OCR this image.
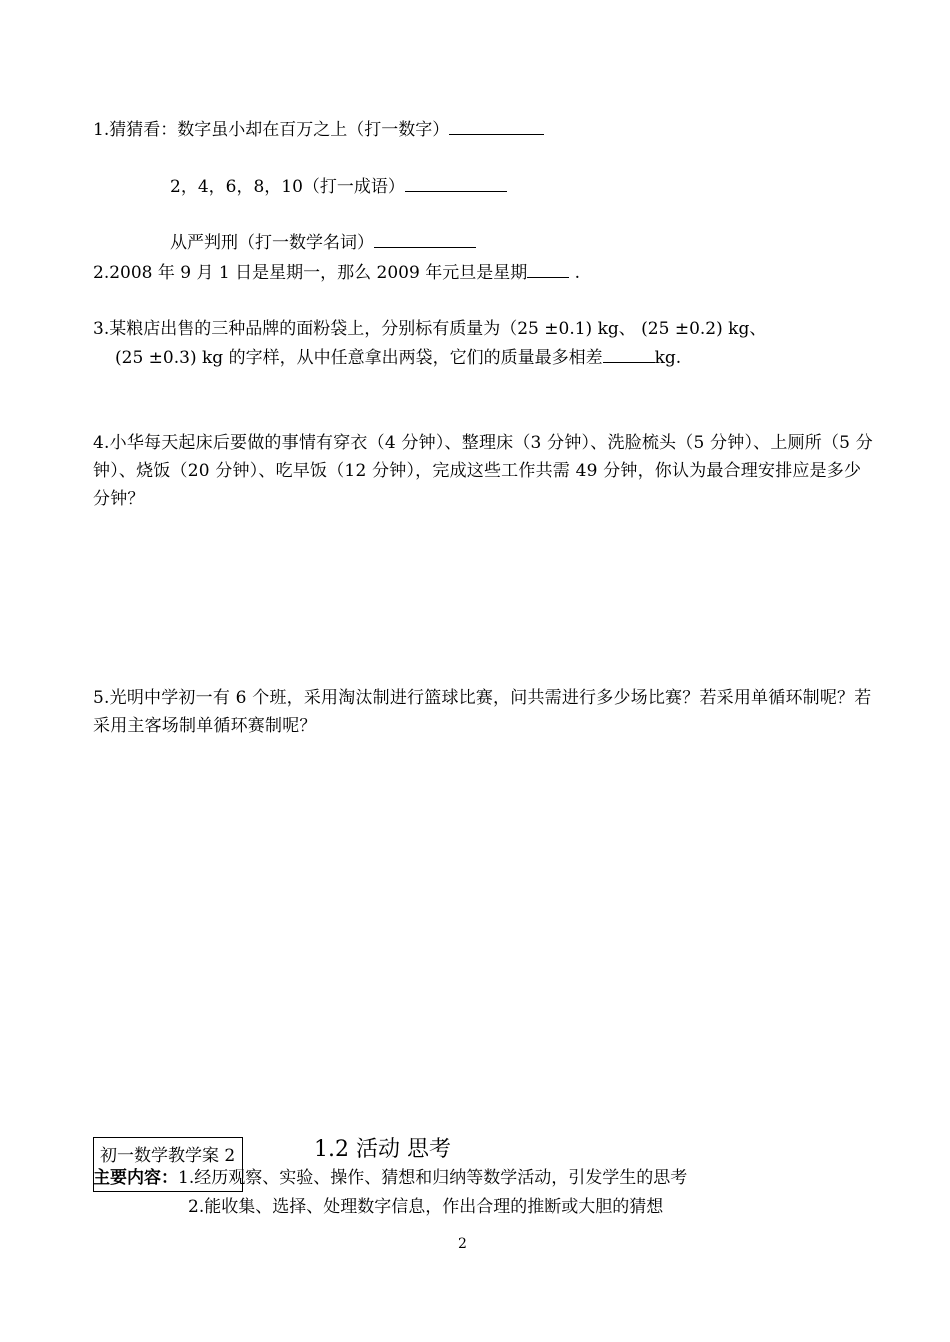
1.猜猜看：数字虽小却在百万之上（打一数字）
2，4，6，8，10（打一成语）
从严判刑（打一数学名词）
2.2008 年 9 月 1 日是星期一，那么 2009 年元旦是星期	.
3.某粮店出售的三种品牌的面粉袋上，分别标有质量为（25 ±0.1) kg、 (25 ±0.2) kg、
(25 ±0.3) kg 的字样，从中任意拿出两袋，它们的质量最多相差	kg.
4.小华每天起床后要做的事情有穿衣（4 分钟）、整理床（3 分钟）、洗脸梳头（5 分钟）、上厕所（5 分钟）、烧饭（20 分钟）、吃早饭（12 分钟），完成这些工作共需 49 分钟，你认为最合理安排应是多少分钟？
5.光明中学初一有 6 个班，采用淘汰制进行篮球比赛，问共需进行多少场比赛？若采用单循环制呢？若采用主客场制单循环赛制呢？
初一数学教学案 2	1.2 活动 思考
主要内容：1.经历观察、实验、操作、猜想和归纳等数学活动，引发学生的思考
2.能收集、选择、处理数字信息，作出合理的推断或大胆的猜想
2
